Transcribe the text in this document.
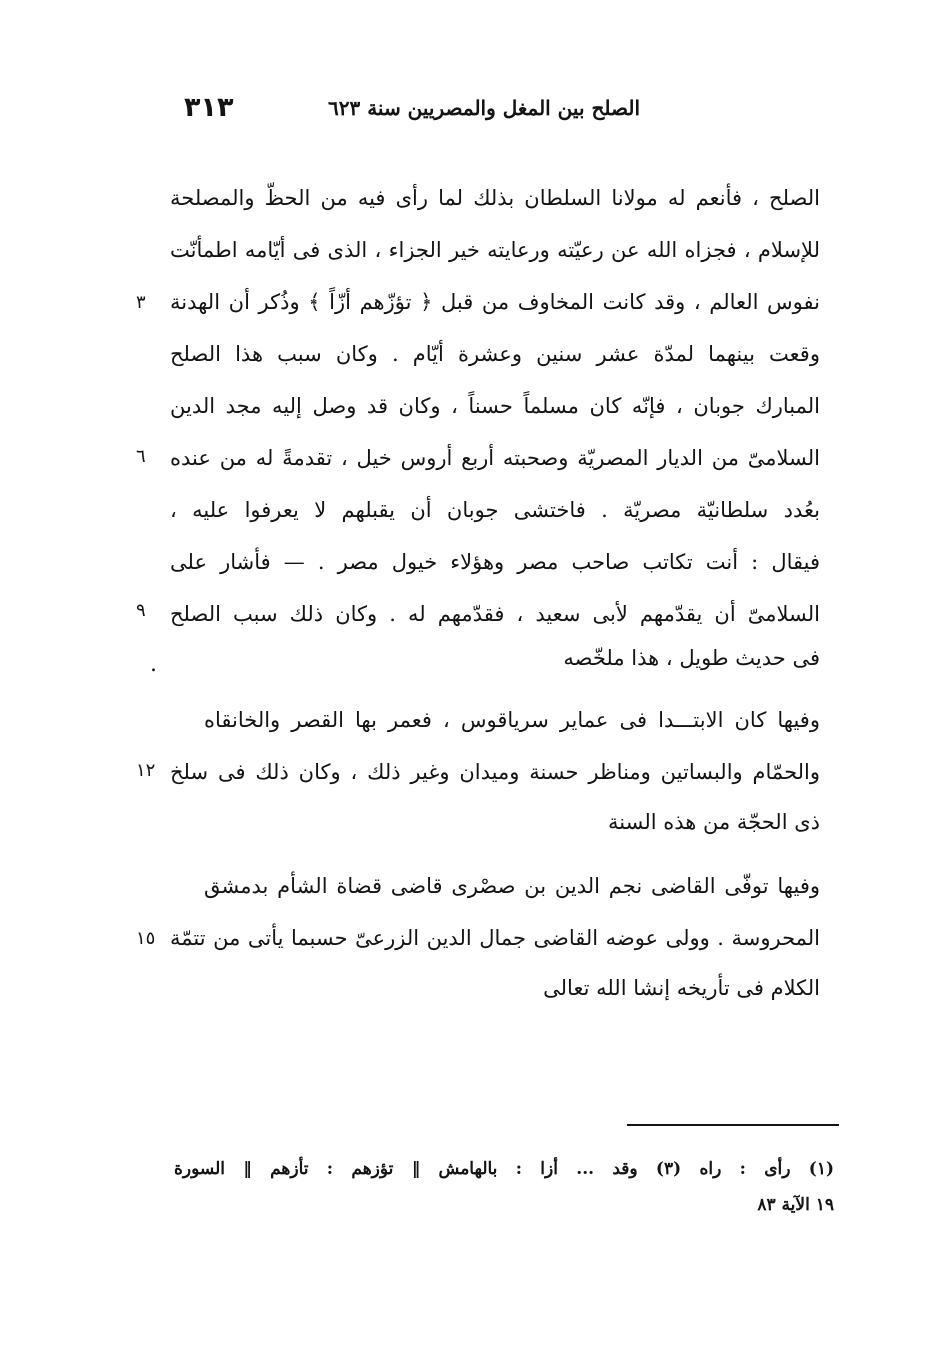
٣١٣	الصلح بين المغل والمصريين سنة ٦٢٣
الصلح ، فأنعم له مولانا السلطان بذلك لما رأى فيه من الحظّ والمصلحة
للإسلام ، فجزاه الله عن رعيّته ورعايته خير الجزاء ، الذى فى أيّامه اطمأنّت
نفوس العالم ، وقد كانت المخاوف من قبل ﴿ تؤزّهم أزّاً ﴾ وذُكر أن الهدنة
وقعت بينهما لمدّة عشر سنين وعشرة أيّام . وكان سبب هذا الصلح
المبارك جوبان ، فإنّه كان مسلماً حسناً ، وكان قد وصل إليه مجد الدين
السلامىّ من الديار المصريّة وصحبته أربع أروس خيل ، تقدمةً له من عنده
بعُدد سلطانيّة مصريّة . فاختشى جوبان أن يقبلهم لا يعرفوا عليه ،
فيقال : أنت تكاتب صاحب مصر وهؤلاء خيول مصر . — فأشار على
السلامىّ أن يقدّمهم لأبى سعيد ، فقدّمهم له . وكان ذلك سبب الصلح
فى حديث طويل ، هذا ملخّصه
وفيها كان الابتـــدا فى عماير سرياقوس ، فعمر بها القصر والخانقاه
والحمّام والبساتين ومناظر حسنة وميدان وغير ذلك ، وكان ذلك فى سلخ
ذى الحجّة من هذه السنة
وفيها توفّى القاضى نجم الدين بن صصْرى قاضى قضاة الشأم بدمشق
المحروسة . وولى عوضه القاضى جمال الدين الزرعىّ حسبما يأتى من تتمّة
الكلام فى تأريخه إنشا الله تعالى
٣
٦
٩
١٢
١٥
.
(١) رأى : راه (٣) وقد ... أزا : بالهامش ‖ تؤزهم : تأزهم ‖ السورة
١٩ الآية ٨٣
